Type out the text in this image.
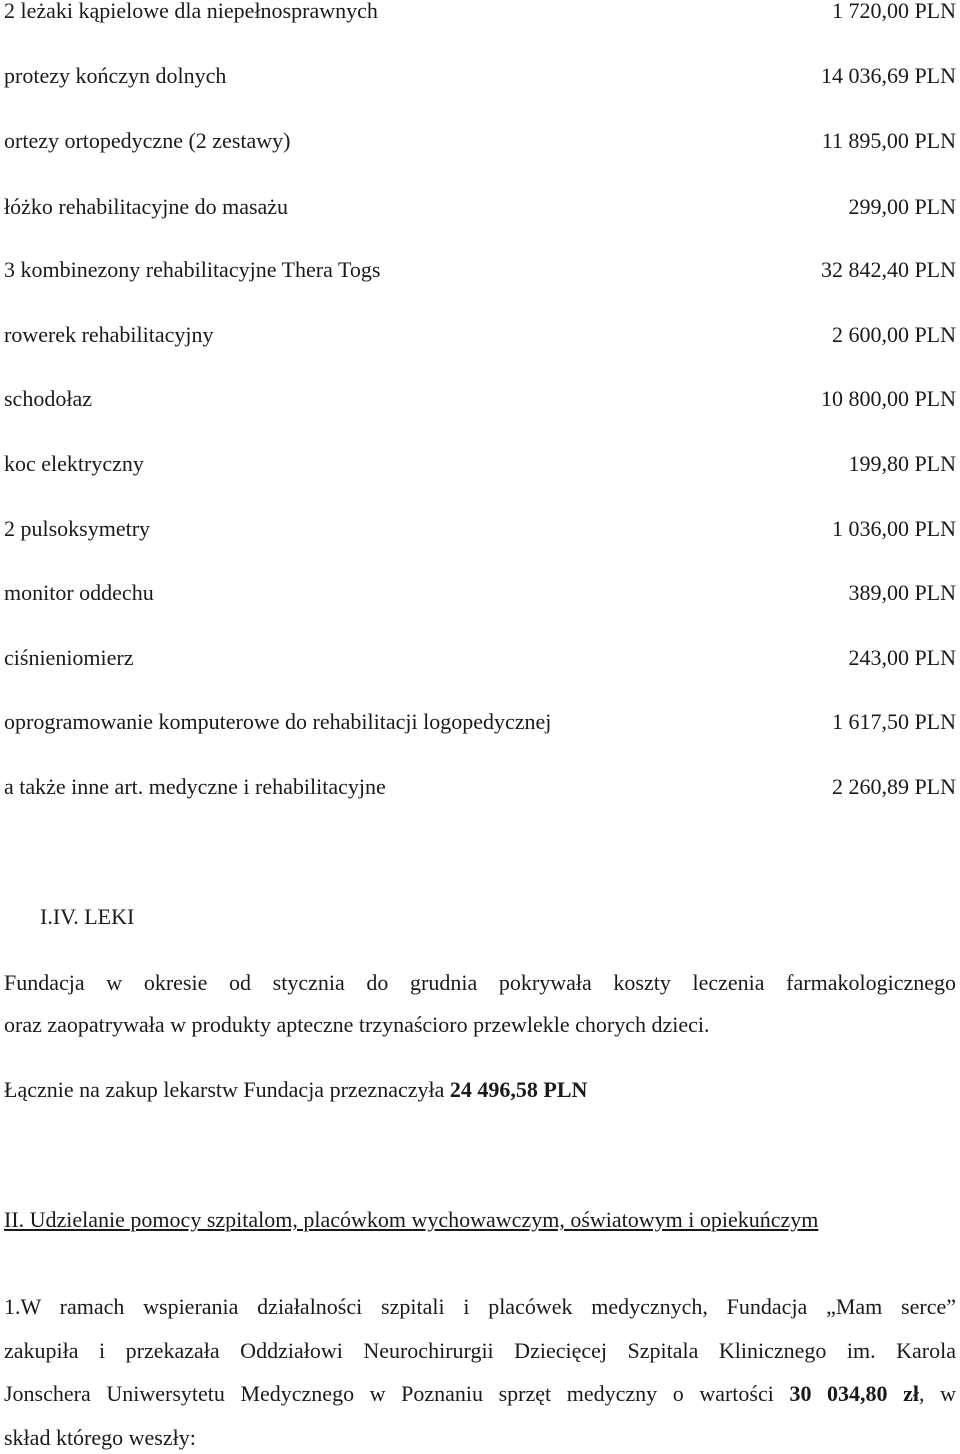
2 leżaki kąpielowe dla niepełnosprawnych	1 720,00 PLN
protezy kończyn dolnych	14 036,69 PLN
ortezy ortopedyczne (2 zestawy)	11 895,00 PLN
łóżko rehabilitacyjne do masażu	299,00 PLN
3 kombinezony rehabilitacyjne Thera Togs	32 842,40 PLN
rowerek rehabilitacyjny	2 600,00 PLN
schodołaz	10 800,00 PLN
koc elektryczny	199,80 PLN
2 pulsoksymetry	1 036,00 PLN
monitor oddechu	389,00 PLN
ciśnieniomierz	243,00 PLN
oprogramowanie komputerowe do rehabilitacji logopedycznej	1 617,50 PLN
a także inne art. medyczne i rehabilitacyjne	2 260,89 PLN
I.IV. LEKI
Fundacja w okresie od stycznia do grudnia pokrywała koszty leczenia farmakologicznego
oraz zaopatrywała w produkty apteczne trzynaścioro przewlekle chorych dzieci.
Łącznie na zakup lekarstw Fundacja przeznaczyła 24 496,58 PLN
II. Udzielanie pomocy szpitalom, placówkom wychowawczym, oświatowym i opiekuńczym
1.W ramach wspierania działalności szpitali i placówek medycznych, Fundacja „Mam serce”
zakupiła i przekazała Oddziałowi Neurochirurgii Dziecięcej Szpitala Klinicznego im. Karola
Jonschera Uniwersytetu Medycznego w Poznaniu sprzęt medyczny o wartości 30 034,80 zł, w
skład którego weszły:
